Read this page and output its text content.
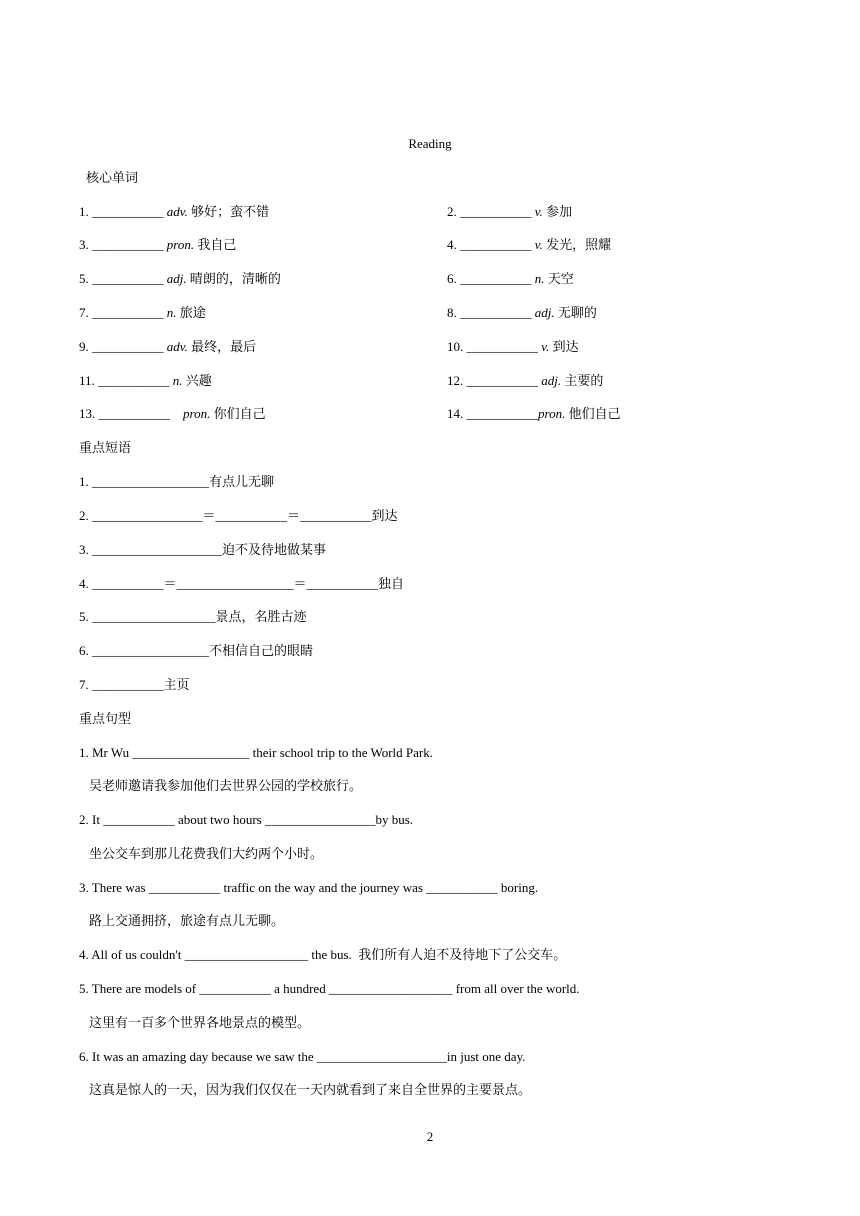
Reading
核心单词
1. ___________ adv. 够好；蛮不错
3. ___________ pron. 我自己
5. ___________ adj. 晴朗的，清晰的
7. ___________ n. 旅途
9. ___________ adv. 最终，最后
11. ___________ n. 兴趣
13. ___________    pron. 你们自己
2. ___________ v. 参加
4. ___________ v. 发光，照耀
6. ___________ n. 天空
8. ___________ adj. 无聊的
10. ___________ v. 到达
12. ___________ adj. 主要的
14. ___________pron. 他们自己
重点短语
1. __________________有点儿无聊
2. _________________＝___________＝___________到达
3. ____________________迫不及待地做某事
4. ___________＝__________________＝___________独自
5. ___________________景点，名胜古迹
6. __________________不相信自己的眼睛
7. ___________主页
重点句型
1. Mr Wu __________________ their school trip to the World Park.
吴老师邀请我参加他们去世界公园的学校旅行。
2. It ___________ about two hours _________________by bus.
坐公交车到那儿花费我们大约两个小时。
3. There was ___________ traffic on the way and the journey was ___________ boring.
路上交通拥挤，旅途有点儿无聊。
4. All of us couldn't ___________________ the bus.  我们所有人迫不及待地下了公交车。
5. There are models of ___________ a hundred ___________________ from all over the world.
这里有一百多个世界各地景点的模型。
6. It was an amazing day because we saw the ____________________in just one day.
这真是惊人的一天，因为我们仅仅在一天内就看到了来自全世界的主要景点。
2
